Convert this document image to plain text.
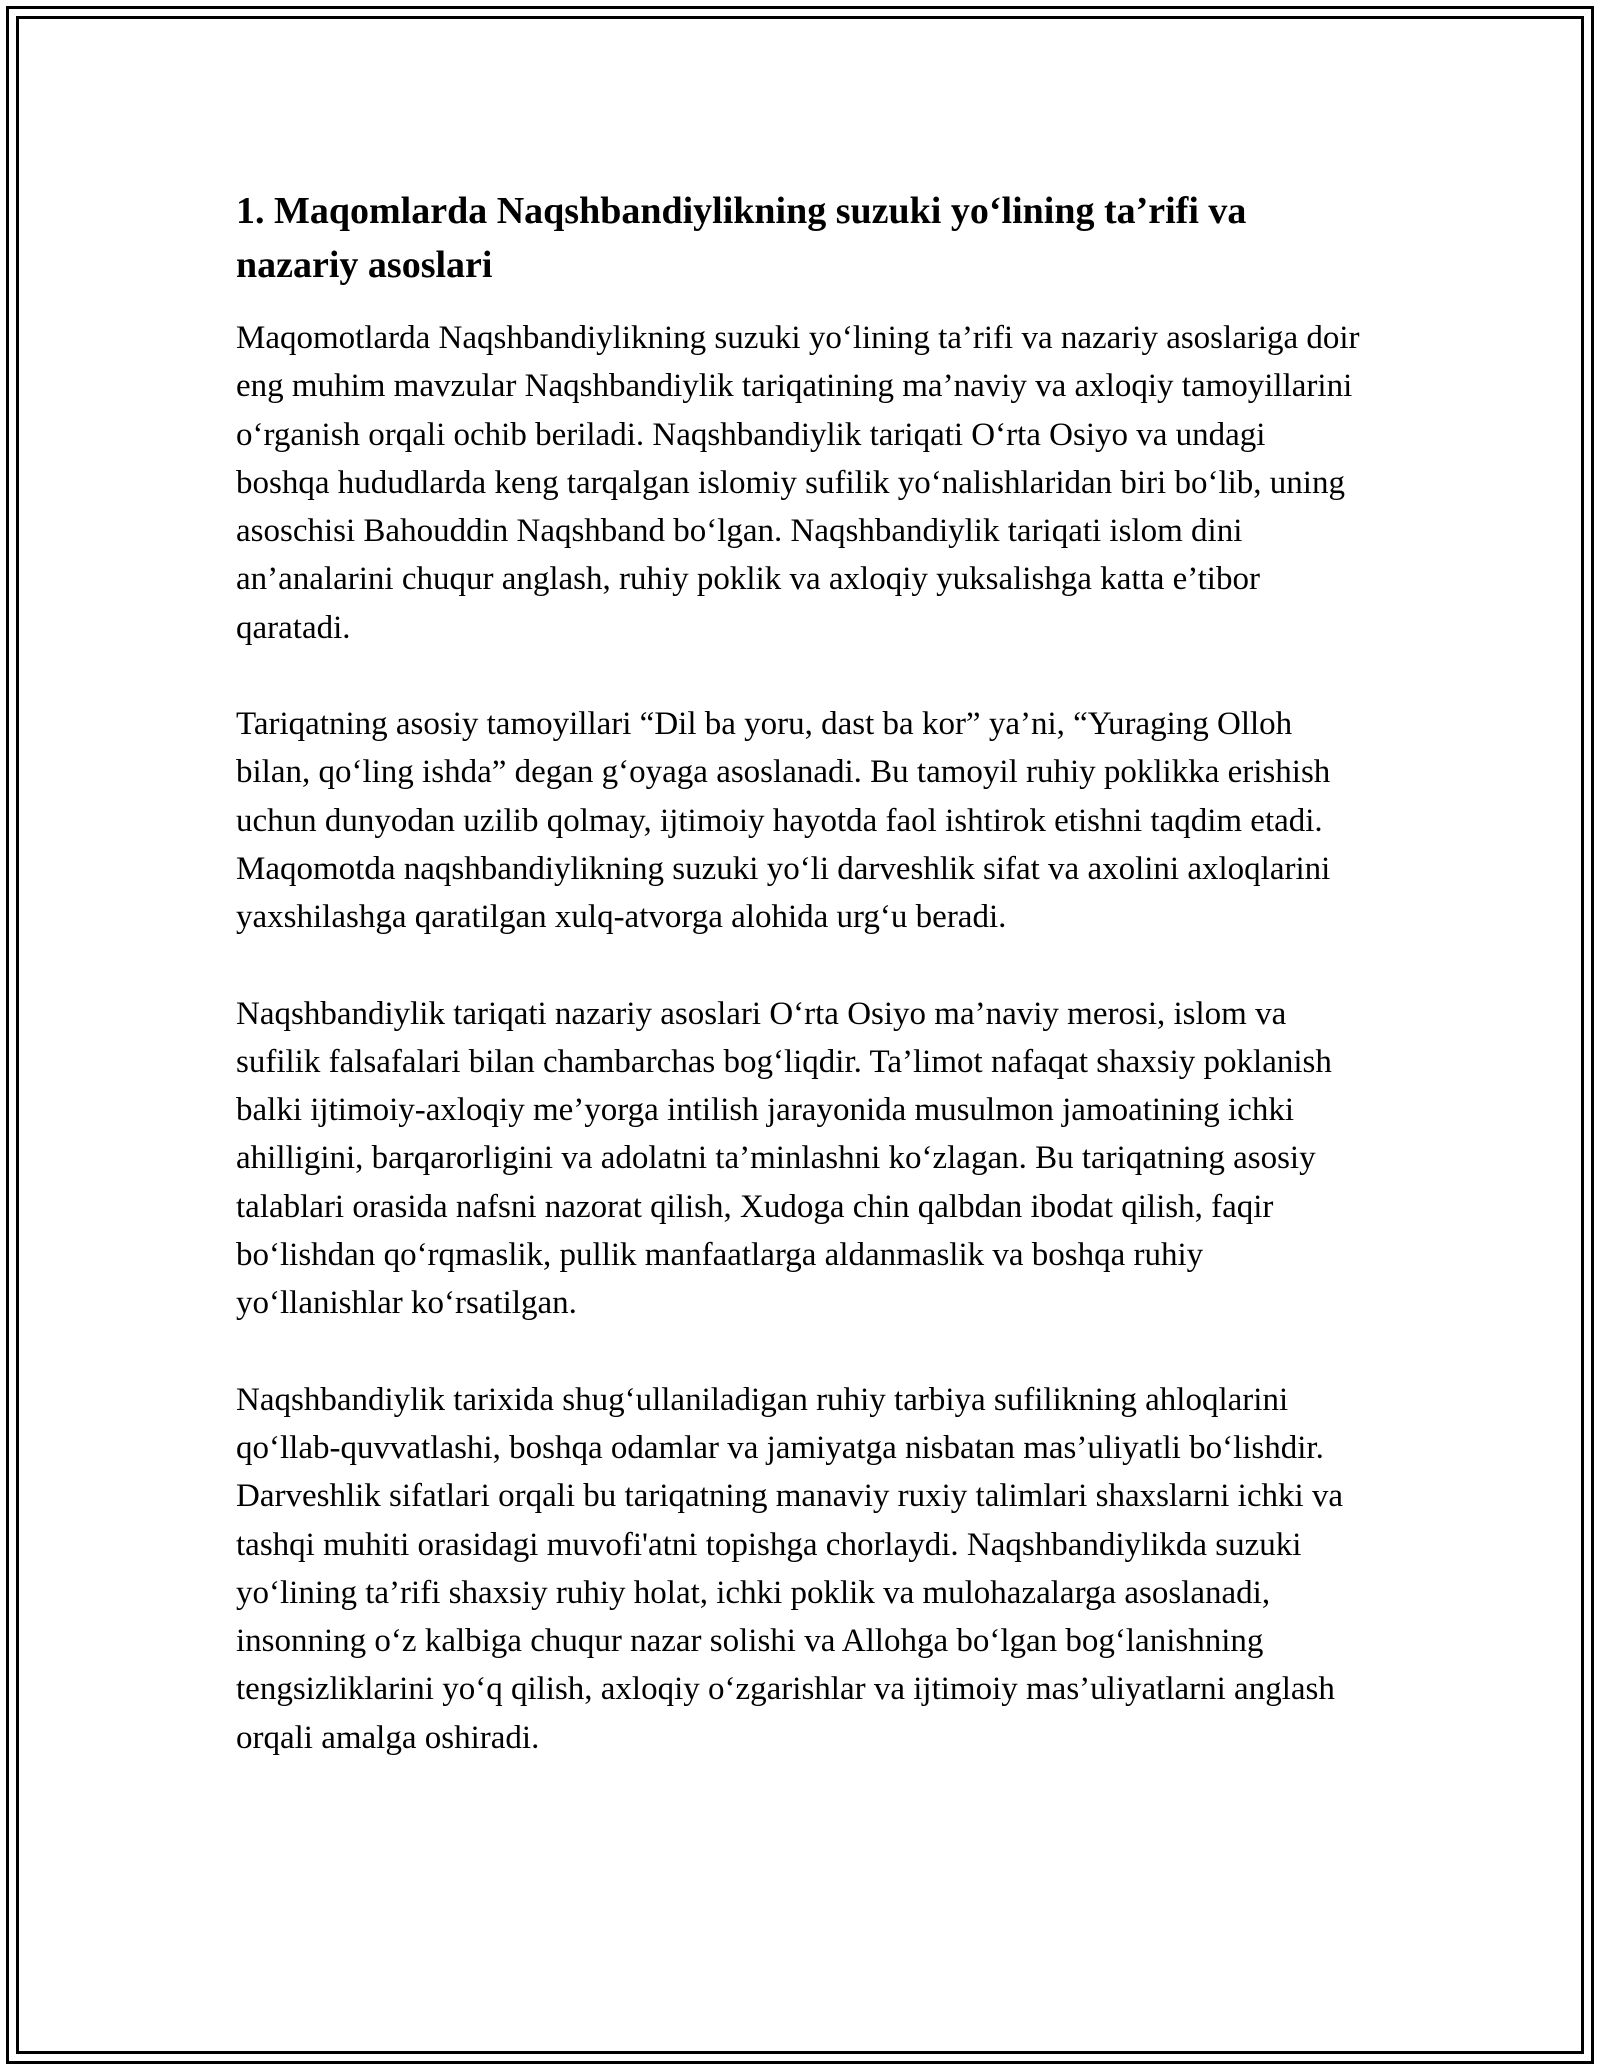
1. Maqomlarda Naqshbandiylikning suzuki yo‘lining ta’rifi va nazariy asoslari

Maqomotlarda Naqshbandiylikning suzuki yo‘lining ta’rifi va nazariy asoslariga doir eng muhim mavzular Naqshbandiylik tariqatining ma’naviy va axloqiy tamoyillarini o‘rganish orqali ochib beriladi. Naqshbandiylik tariqati O‘rta Osiyo va undagi boshqa hududlarda keng tarqalgan islomiy sufilik yo‘nalishlaridan biri bo‘lib, uning asoschisi Bahouddin Naqshband bo‘lgan. Naqshbandiylik tariqati islom dini an’analarini chuqur anglash, ruhiy poklik va axloqiy yuksalishga katta e’tibor qaratadi.

Tariqatning asosiy tamoyillari “Dil ba yoru, dast ba kor” ya’ni, “Yuraging Olloh bilan, qo‘ling ishda” degan g‘oyaga asoslanadi. Bu tamoyil ruhiy poklikka erishish uchun dunyodan uzilib qolmay, ijtimoiy hayotda faol ishtirok etishni taqdim etadi. Maqomotda naqshbandiylikning suzuki yo‘li darveshlik sifat va axolini axloqlarini yaxshilashga qaratilgan xulq-atvorga alohida urg‘u beradi.

Naqshbandiylik tariqati nazariy asoslari O‘rta Osiyo ma’naviy merosi, islom va sufilik falsafalari bilan chambarchas bog‘liqdir. Ta’limot nafaqat shaxsiy poklanish balki ijtimoiy-axloqiy me’yorga intilish jarayonida musulmon jamoatining ichki ahilligini, barqarorligini va adolatni ta’minlashni ko‘zlagan. Bu tariqatning asosiy talablari orasida nafsni nazorat qilish, Xudoga chin qalbdan ibodat qilish, faqir bo‘lishdan qo‘rqmaslik, pullik manfaatlarga aldanmaslik va boshqa ruhiy yo‘llanishlar ko‘rsatilgan.

Naqshbandiylik tarixida shug‘ullaniladigan ruhiy tarbiya sufilikning ahloqlarini qo‘llab-quvvatlashi, boshqa odamlar va jamiyatga nisbatan mas’uliyatli bo‘lishdir. Darveshlik sifatlari orqali bu tariqatning manaviy ruxiy talimlari shaxslarni ichki va tashqi muhiti orasidagi muvofi'atni topishga chorlaydi. Naqshbandiylikda suzuki yo‘lining ta’rifi shaxsiy ruhiy holat, ichki poklik va mulohazalarga asoslanadi, insonning o‘z kalbiga chuqur nazar solishi va Allohga bo‘lgan bog‘lanishning tengsizliklarini yo‘q qilish, axloqiy o‘zgarishlar va ijtimoiy mas’uliyatlarni anglash orqali amalga oshiradi.
